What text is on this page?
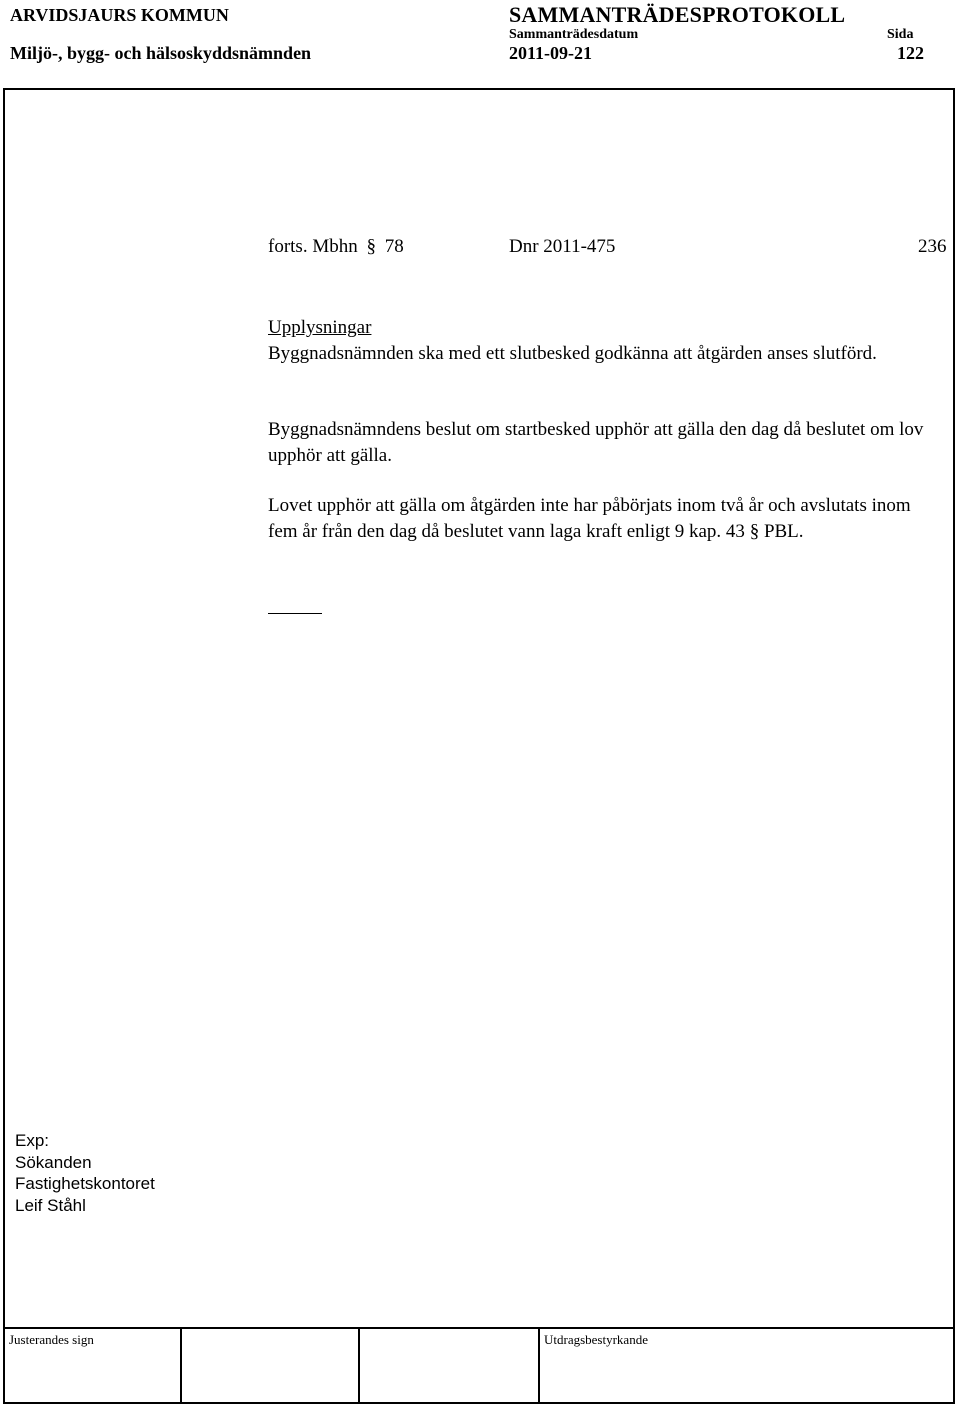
ARVIDSJAURS KOMMUN
Miljö-, bygg- och hälsoskyddsnämnden
SAMMANTRÄDESPROTOKOLL
Sammanträdesdatum	Sida
2011-09-21	122
forts. Mbhn § 78	Dnr 2011-475	236
Upplysningar
Byggnadsnämnden ska med ett slutbesked godkänna att åtgärden anses slutförd.
Byggnadsnämndens beslut om startbesked upphör att gälla den dag då beslutet om lov upphör att gälla.
Lovet upphör att gälla om åtgärden inte har påbörjats inom två år och avslutats inom fem år från den dag då beslutet vann laga kraft enligt 9 kap. 43 § PBL.
Exp:
Sökanden
Fastighetskontoret
Leif Ståhl
Justerandes sign	Utdragsbestyrkande
